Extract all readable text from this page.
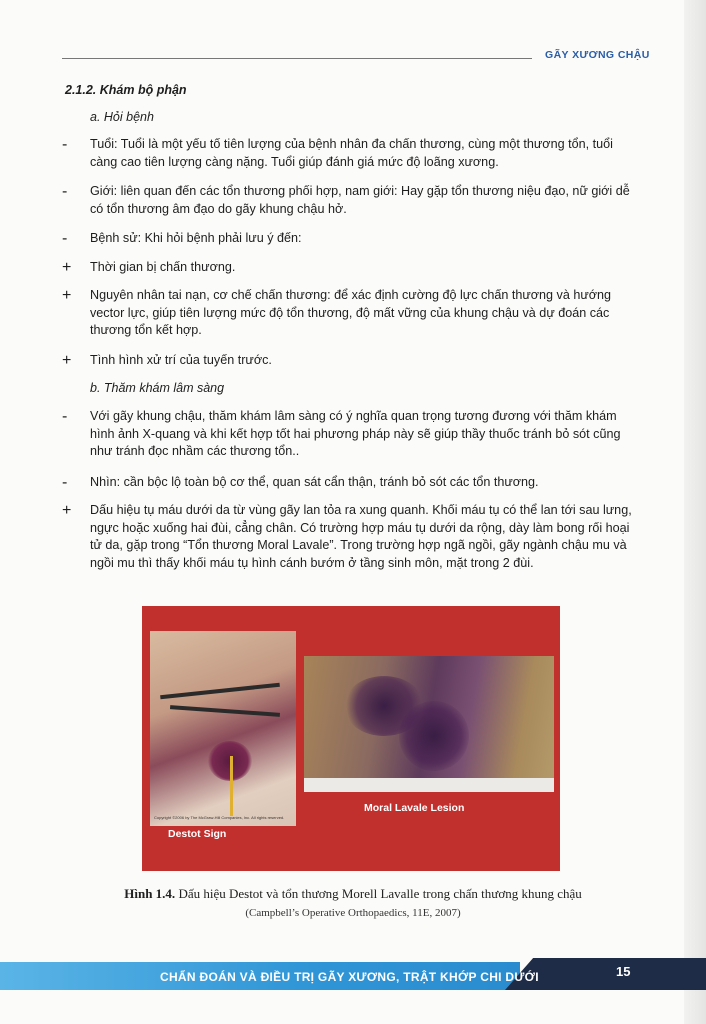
GÃY XƯƠNG CHẬU
2.1.2. Khám bộ phận
a. Hỏi bệnh
-	Tuổi: Tuổi là một yếu tố tiên lượng của bệnh nhân đa chấn thương, cùng một thương tổn, tuổi càng cao tiên lượng càng nặng. Tuổi giúp đánh giá mức độ loãng xương.
-	Giới: liên quan đến các tổn thương phối hợp, nam giới: Hay gặp tổn thương niệu đạo, nữ giới dễ có tổn thương âm đạo do gãy khung chậu hở.
-	Bệnh sử: Khi hỏi bệnh phải lưu ý đến:
+	Thời gian bị chấn thương.
+	Nguyên nhân tai nạn, cơ chế chấn thương: để xác định cường độ lực chấn thương và hướng vector lực, giúp tiên lượng mức độ tổn thương, độ mất vững của khung chậu và dự đoán các thương tổn kết hợp.
+	Tình hình xử trí của tuyến trước.
b. Thăm khám lâm sàng
-	Với gãy khung chậu, thăm khám lâm sàng có ý nghĩa quan trọng tương đương với thăm khám hình ảnh X-quang và khi kết hợp tốt hai phương pháp này sẽ giúp thầy thuốc tránh bỏ sót cũng như tránh đọc nhầm các thương tổn..
-	Nhìn: cần bộc lộ toàn bộ cơ thể, quan sát cẩn thận, tránh bỏ sót các tổn thương.
+	Dấu hiệu tụ máu dưới da từ vùng gãy lan tỏa ra xung quanh. Khối máu tụ có thể lan tới sau lưng, ngực hoặc xuống hai đùi, cẳng chân. Có trường hợp máu tụ dưới da rộng, dày làm bong rối hoại tử da, gặp trong “Tổn thương Moral Lavale”. Trong trường hợp ngã ngồi, gãy ngành chậu mu và ngồi mu thì thấy khối máu tụ hình cánh bướm ở tầng sinh môn, mặt trong 2 đùi.
Copyright ©2006 by The McGraw-Hill Companies, Inc. All rights reserved.
Destot Sign
Moral Lavale Lesion
Hình 1.4. Dấu hiệu Destot và tổn thương Morell Lavalle trong chấn thương khung chậu
(Campbell’s Operative Orthopaedics, 11E, 2007)
CHẨN ĐOÁN VÀ ĐIỀU TRỊ GÃY XƯƠNG, TRẬT KHỚP CHI DƯỚI	15
